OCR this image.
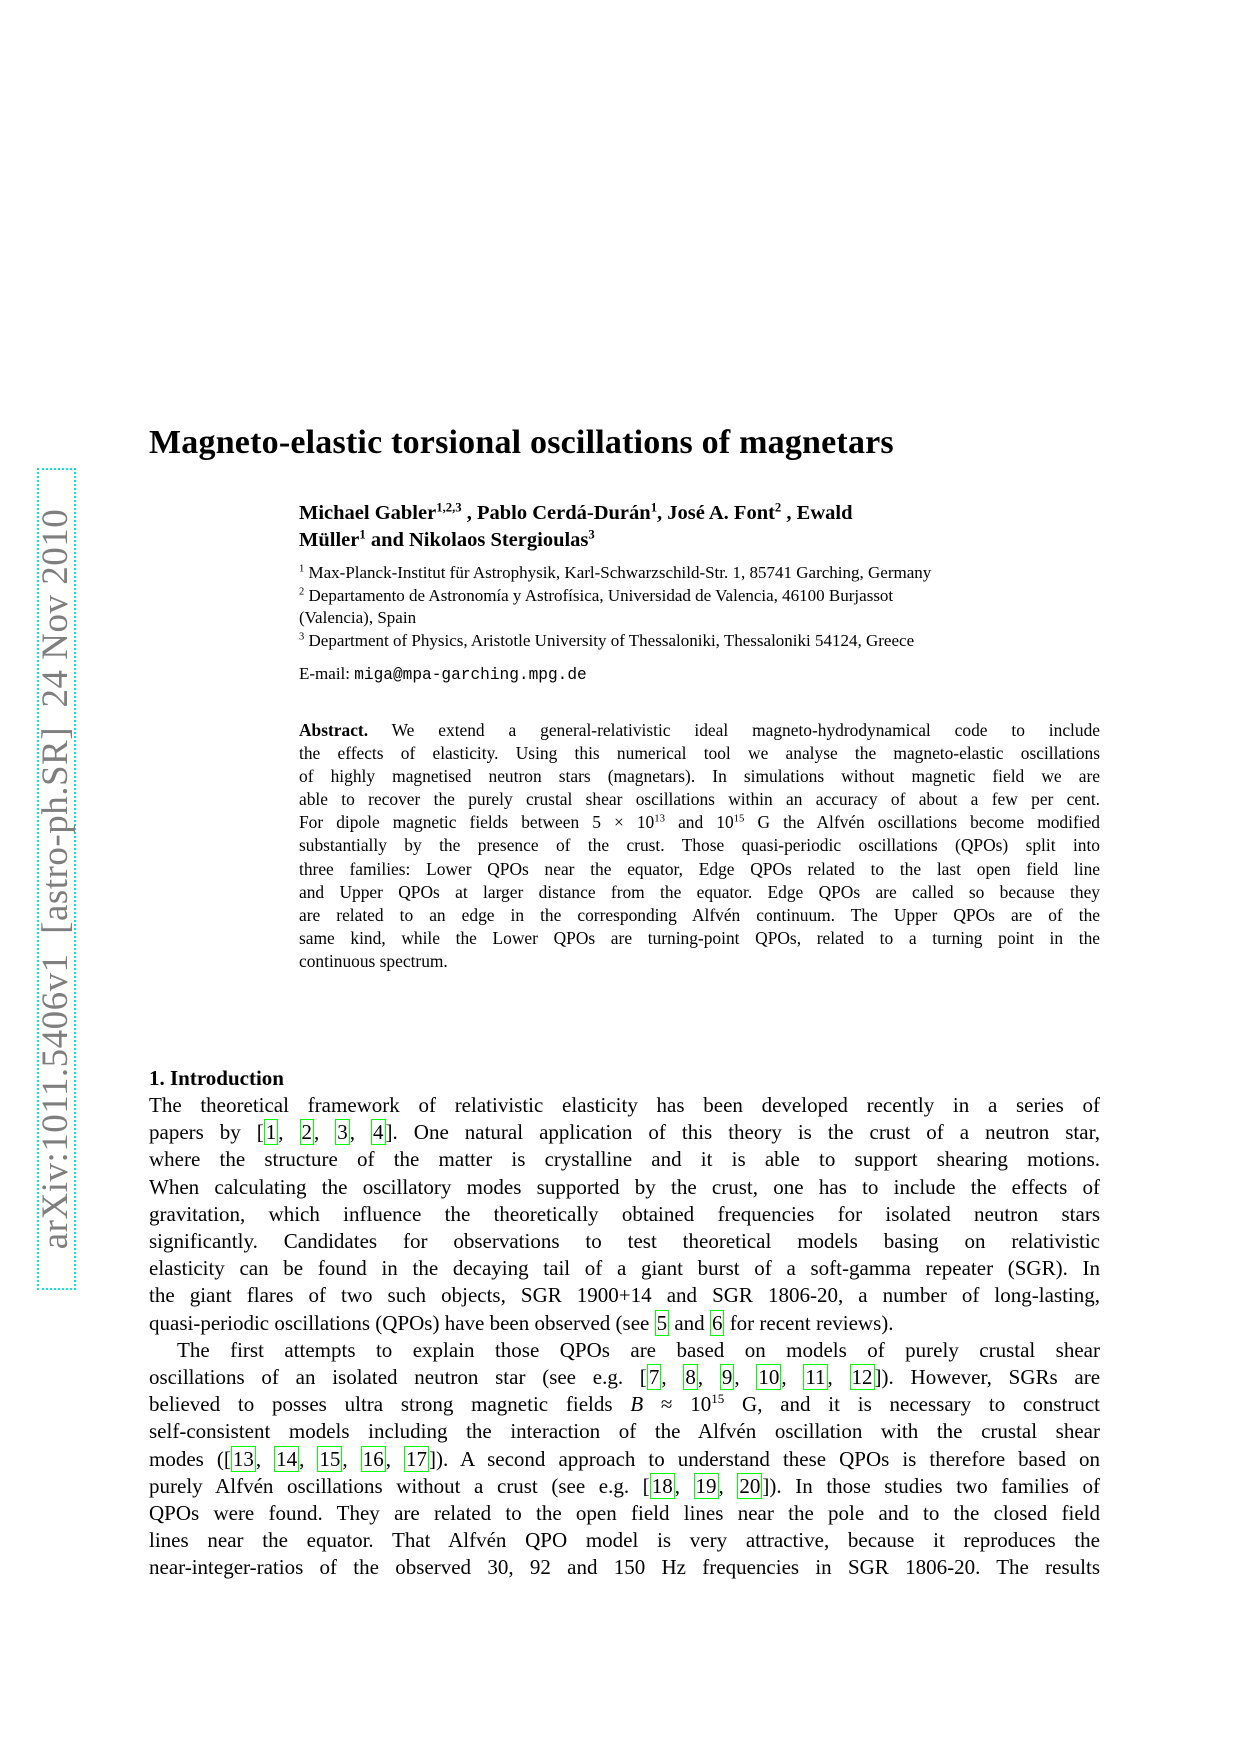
arXiv:1011.5406v1  [astro-ph.SR]  24 Nov 2010
Magneto-elastic torsional oscillations of magnetars
Michael Gabler$^{1,2,3}$ , Pablo Cerdá-Durán$^1$, José A. Font$^2$ , Ewald
Müller$^1$ and Nikolaos Stergioulas$^3$
$^1$ Max-Planck-Institut für Astrophysik, Karl-Schwarzschild-Str. 1, 85741 Garching, Germany
$^2$ Departamento de Astronomía y Astrofísica, Universidad de Valencia, 46100 Burjassot
(Valencia), Spain
$^3$ Department of Physics, Aristotle University of Thessaloniki, Thessaloniki 54124, Greece
E-mail: miga@mpa-garching.mpg.de
Abstract. We extend a general-relativistic ideal magneto-hydrodynamical code to include
the effects of elasticity. Using this numerical tool we analyse the magneto-elastic oscillations
of highly magnetised neutron stars (magnetars). In simulations without magnetic field we are
able to recover the purely crustal shear oscillations within an accuracy of about a few per cent.
For dipole magnetic fields between $5 \times 10^{13}$ and $10^{15}$ G the Alfvén oscillations become modified
substantially by the presence of the crust. Those quasi-periodic oscillations (QPOs) split into
three families: Lower QPOs near the equator, Edge QPOs related to the last open field line
and Upper QPOs at larger distance from the equator. Edge QPOs are called so because they
are related to an edge in the corresponding Alfvén continuum. The Upper QPOs are of the
same kind, while the Lower QPOs are turning-point QPOs, related to a turning point in the
continuous spectrum.
1. Introduction
The theoretical framework of relativistic elasticity has been developed recently in a series of
papers by [1, 2, 3, 4]. One natural application of this theory is the crust of a neutron star,
where the structure of the matter is crystalline and it is able to support shearing motions.
When calculating the oscillatory modes supported by the crust, one has to include the effects of
gravitation, which influence the theoretically obtained frequencies for isolated neutron stars
significantly. Candidates for observations to test theoretical models basing on relativistic
elasticity can be found in the decaying tail of a giant burst of a soft-gamma repeater (SGR). In
the giant flares of two such objects, SGR 1900+14 and SGR 1806-20, a number of long-lasting,
quasi-periodic oscillations (QPOs) have been observed (see 5 and 6 for recent reviews).
The first attempts to explain those QPOs are based on models of purely crustal shear
oscillations of an isolated neutron star (see e.g. [7, 8, 9, 10, 11, 12]). However, SGRs are
believed to posses ultra strong magnetic fields $B \approx 10^{15}$ G, and it is necessary to construct
self-consistent models including the interaction of the Alfvén oscillation with the crustal shear
modes ([13, 14, 15, 16, 17]). A second approach to understand these QPOs is therefore based on
purely Alfvén oscillations without a crust (see e.g. [18, 19, 20]). In those studies two families of
QPOs were found. They are related to the open field lines near the pole and to the closed field
lines near the equator. That Alfvén QPO model is very attractive, because it reproduces the
near-integer-ratios of the observed 30, 92 and 150 Hz frequencies in SGR 1806-20. The results
